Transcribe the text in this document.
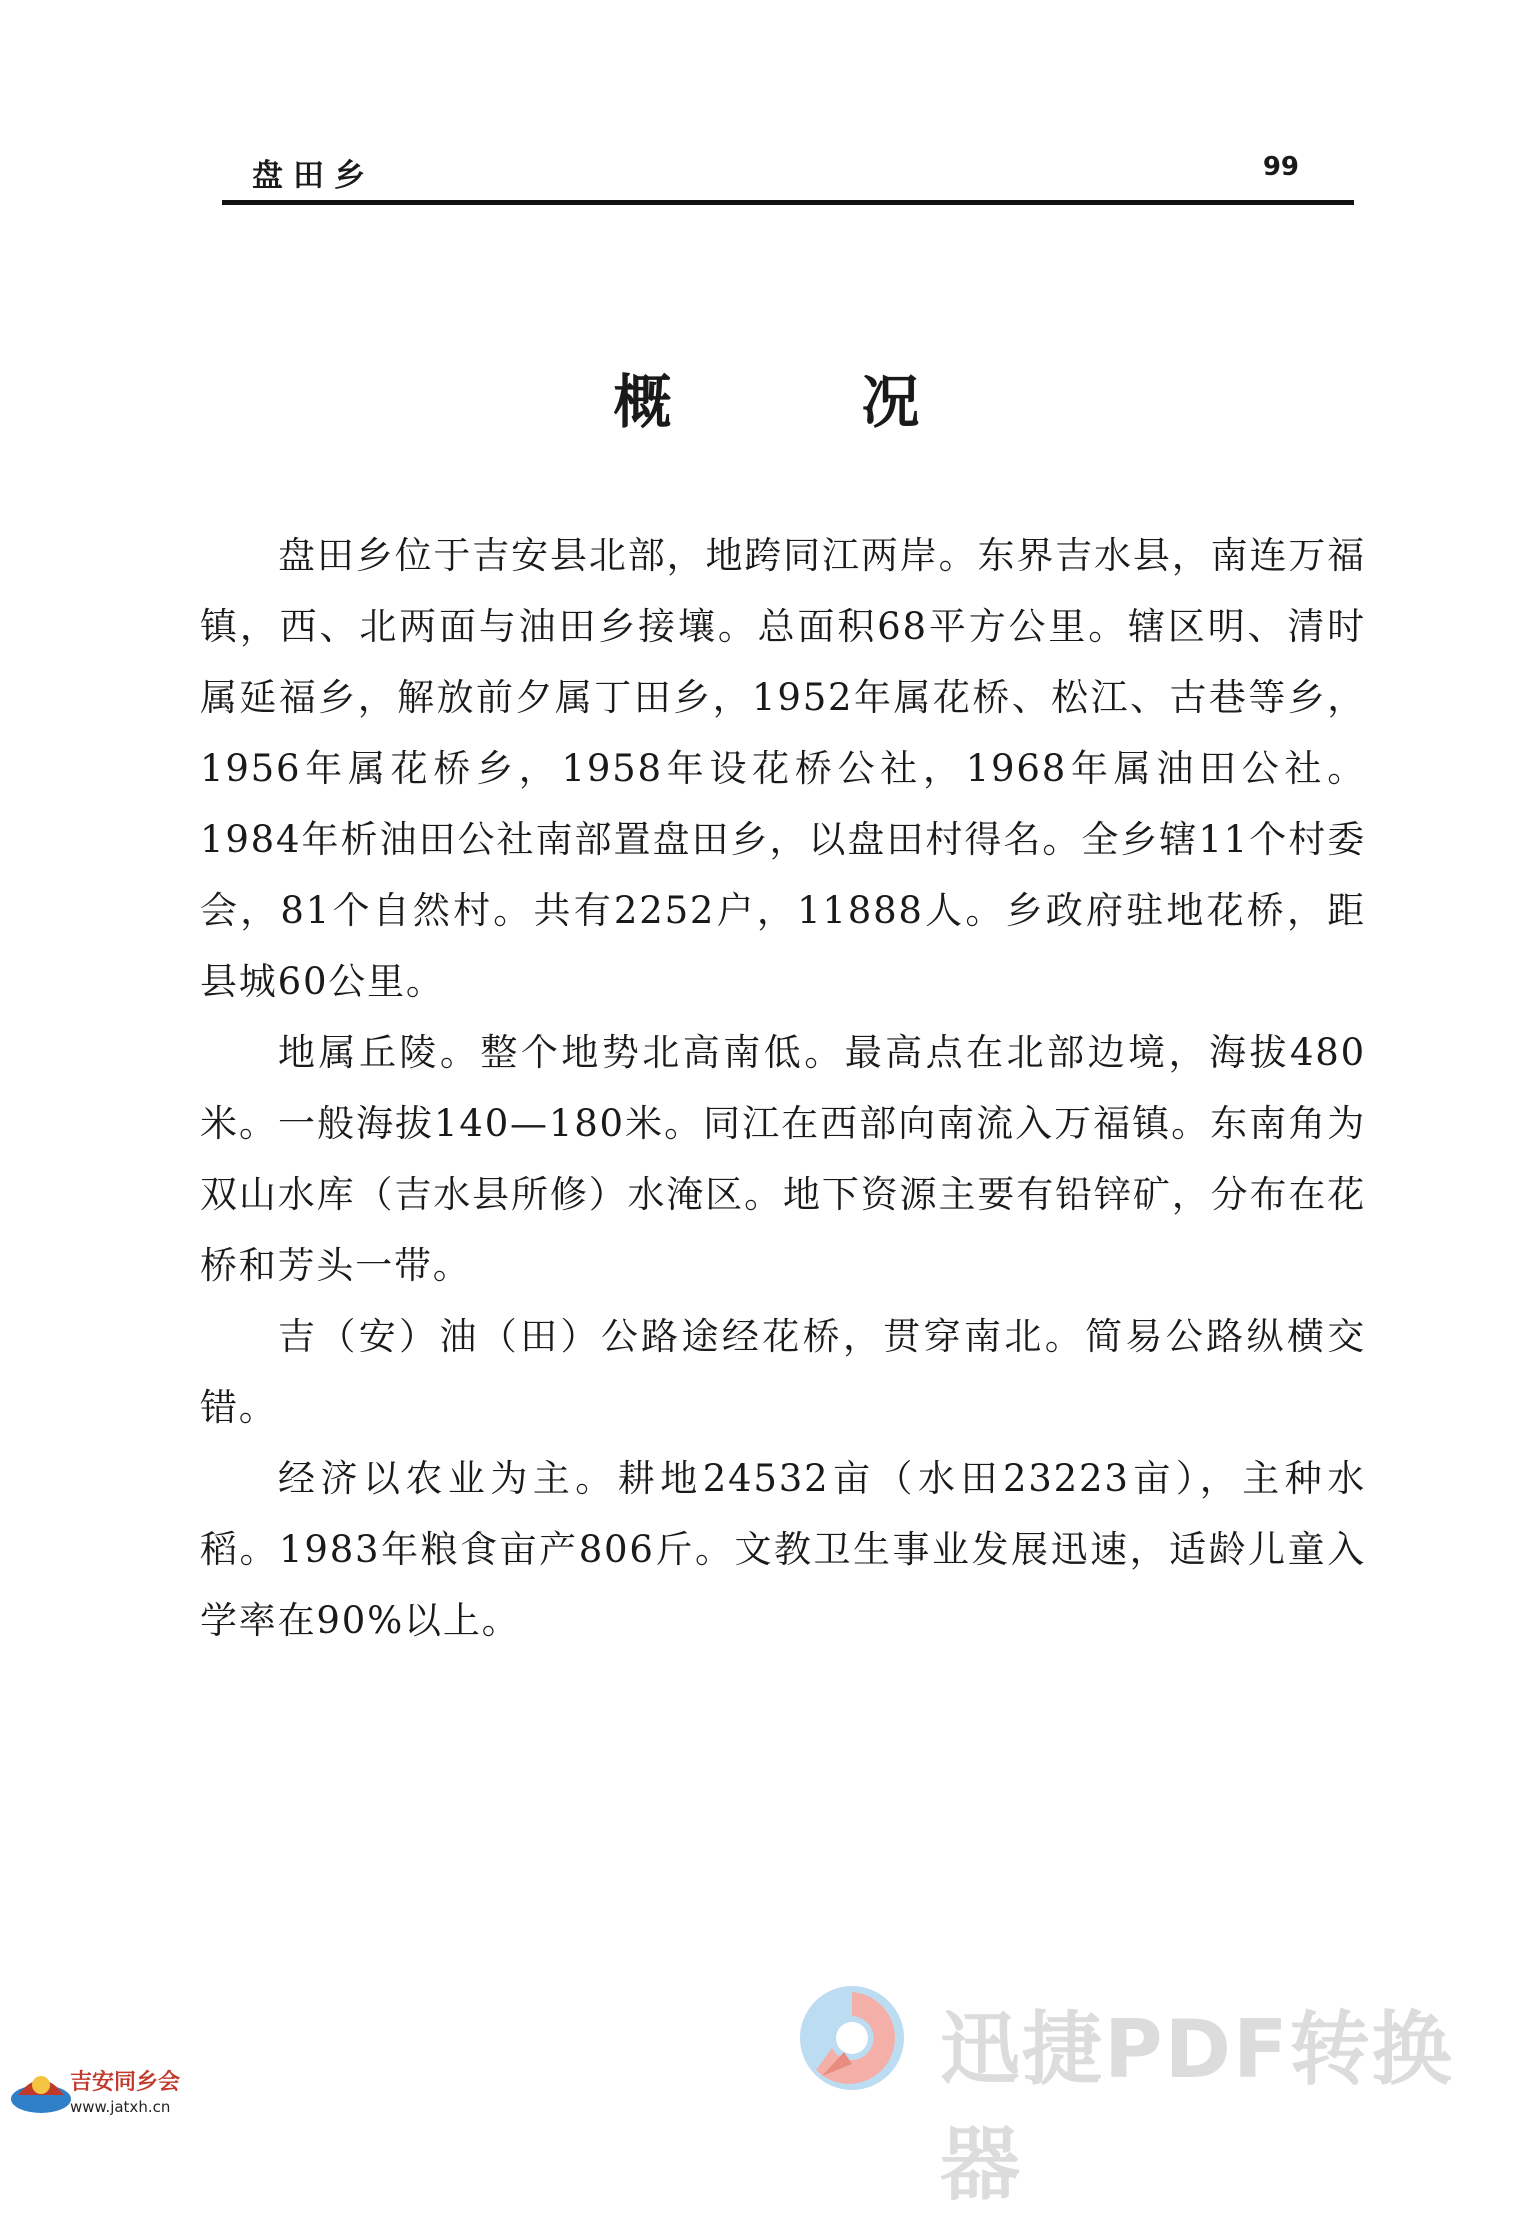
盘田乡	99
概况

盘田乡位于吉安县北部，地跨同江两岸。东界吉水县，南连万福镇，西、北两面与油田乡接壤。总面积68平方公里。辖区明、清时属延福乡，解放前夕属丁田乡，1952年属花桥、松江、古巷等乡，1956年属花桥乡，1958年设花桥公社，1968年属油田公社。1984年析油田公社南部置盘田乡，以盘田村得名。全乡辖11个村委会，81个自然村。共有2252户，11888人。乡政府驻地花桥，距县城60公里。

地属丘陵。整个地势北高南低。最高点在北部边境，海拔480米。一般海拔140—180米。同江在西部向南流入万福镇。东南角为双山水库（吉水县所修）水淹区。地下资源主要有铅锌矿，分布在花桥和芳头一带。

吉（安）油（田）公路途经花桥，贯穿南北。简易公路纵横交错。

经济以农业为主。耕地24532亩（水田23223亩），主种水稻。1983年粮食亩产806斤。文教卫生事业发展迅速，适龄儿童入学率在90%以上。

迅捷PDF转换器
吉安同乡会
www.jatxh.cn
